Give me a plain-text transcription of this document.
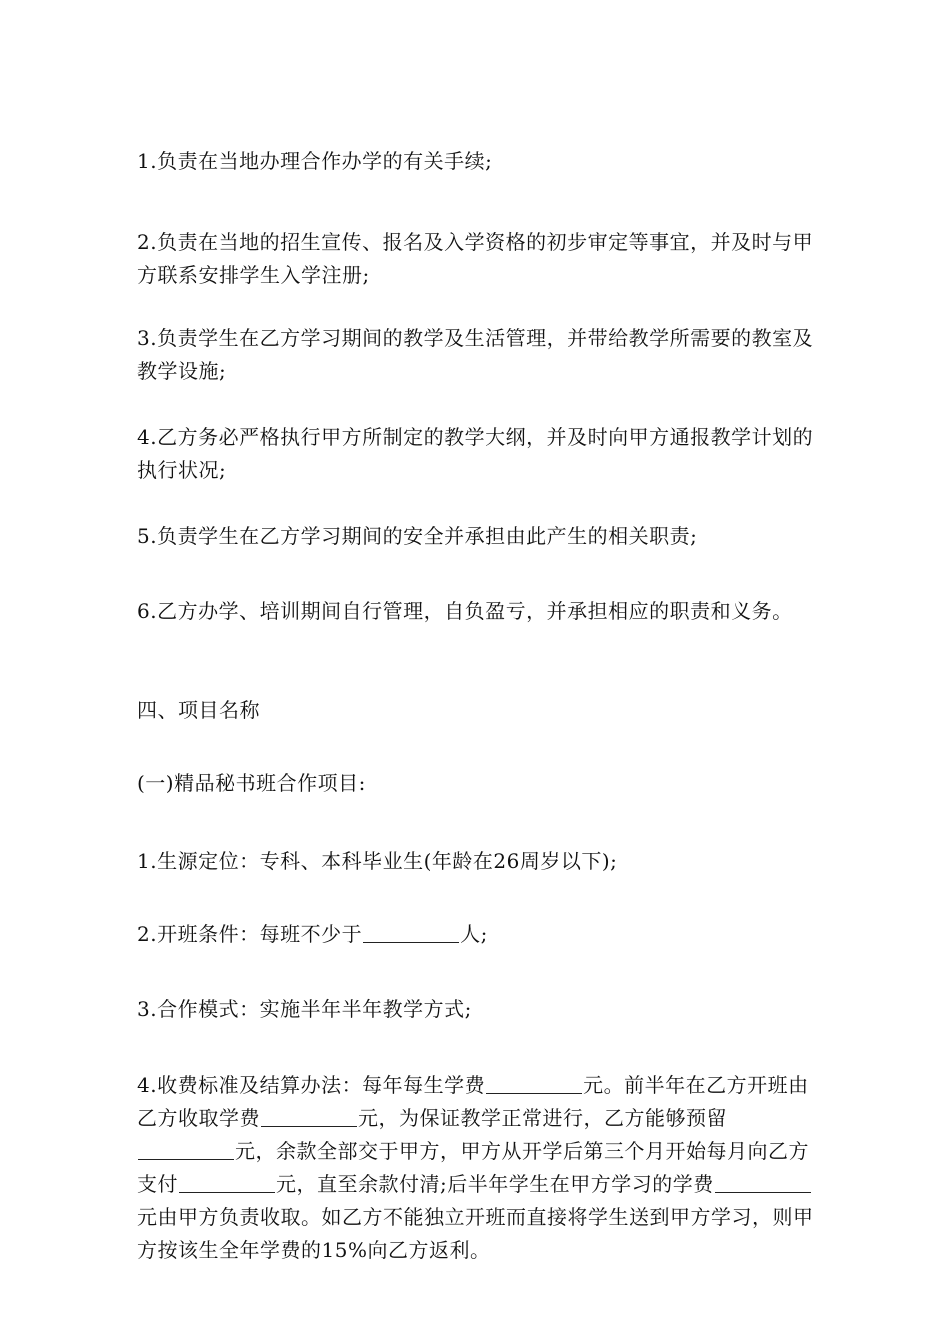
1.负责在当地办理合作办学的有关手续;

2.负责在当地的招生宣传、报名及入学资格的初步审定等事宜，并及时与甲方联系安排学生入学注册;

3.负责学生在乙方学习期间的教学及生活管理，并带给教学所需要的教室及教学设施;

4.乙方务必严格执行甲方所制定的教学大纲，并及时向甲方通报教学计划的执行状况;

5.负责学生在乙方学习期间的安全并承担由此产生的相关职责;

6.乙方办学、培训期间自行管理，自负盈亏，并承担相应的职责和义务。

四、项目名称

(一)精品秘书班合作项目:

1.生源定位：专科、本科毕业生(年龄在26周岁以下);

2.开班条件：每班不少于	人;

3.合作模式：实施半年半年教学方式;

4.收费标准及结算办法：每年每生学费	元。前半年在乙方开班由乙方收取学费	元，为保证教学正常进行，乙方能够预留元，余款全部交于甲方，甲方从开学后第三个月开始每月向乙方支付	元，直至余款付清;后半年学生在甲方学习的学费元由甲方负责收取。如乙方不能独立开班而直接将学生送到甲方学习，则甲方按该生全年学费的15%向乙方返利。
